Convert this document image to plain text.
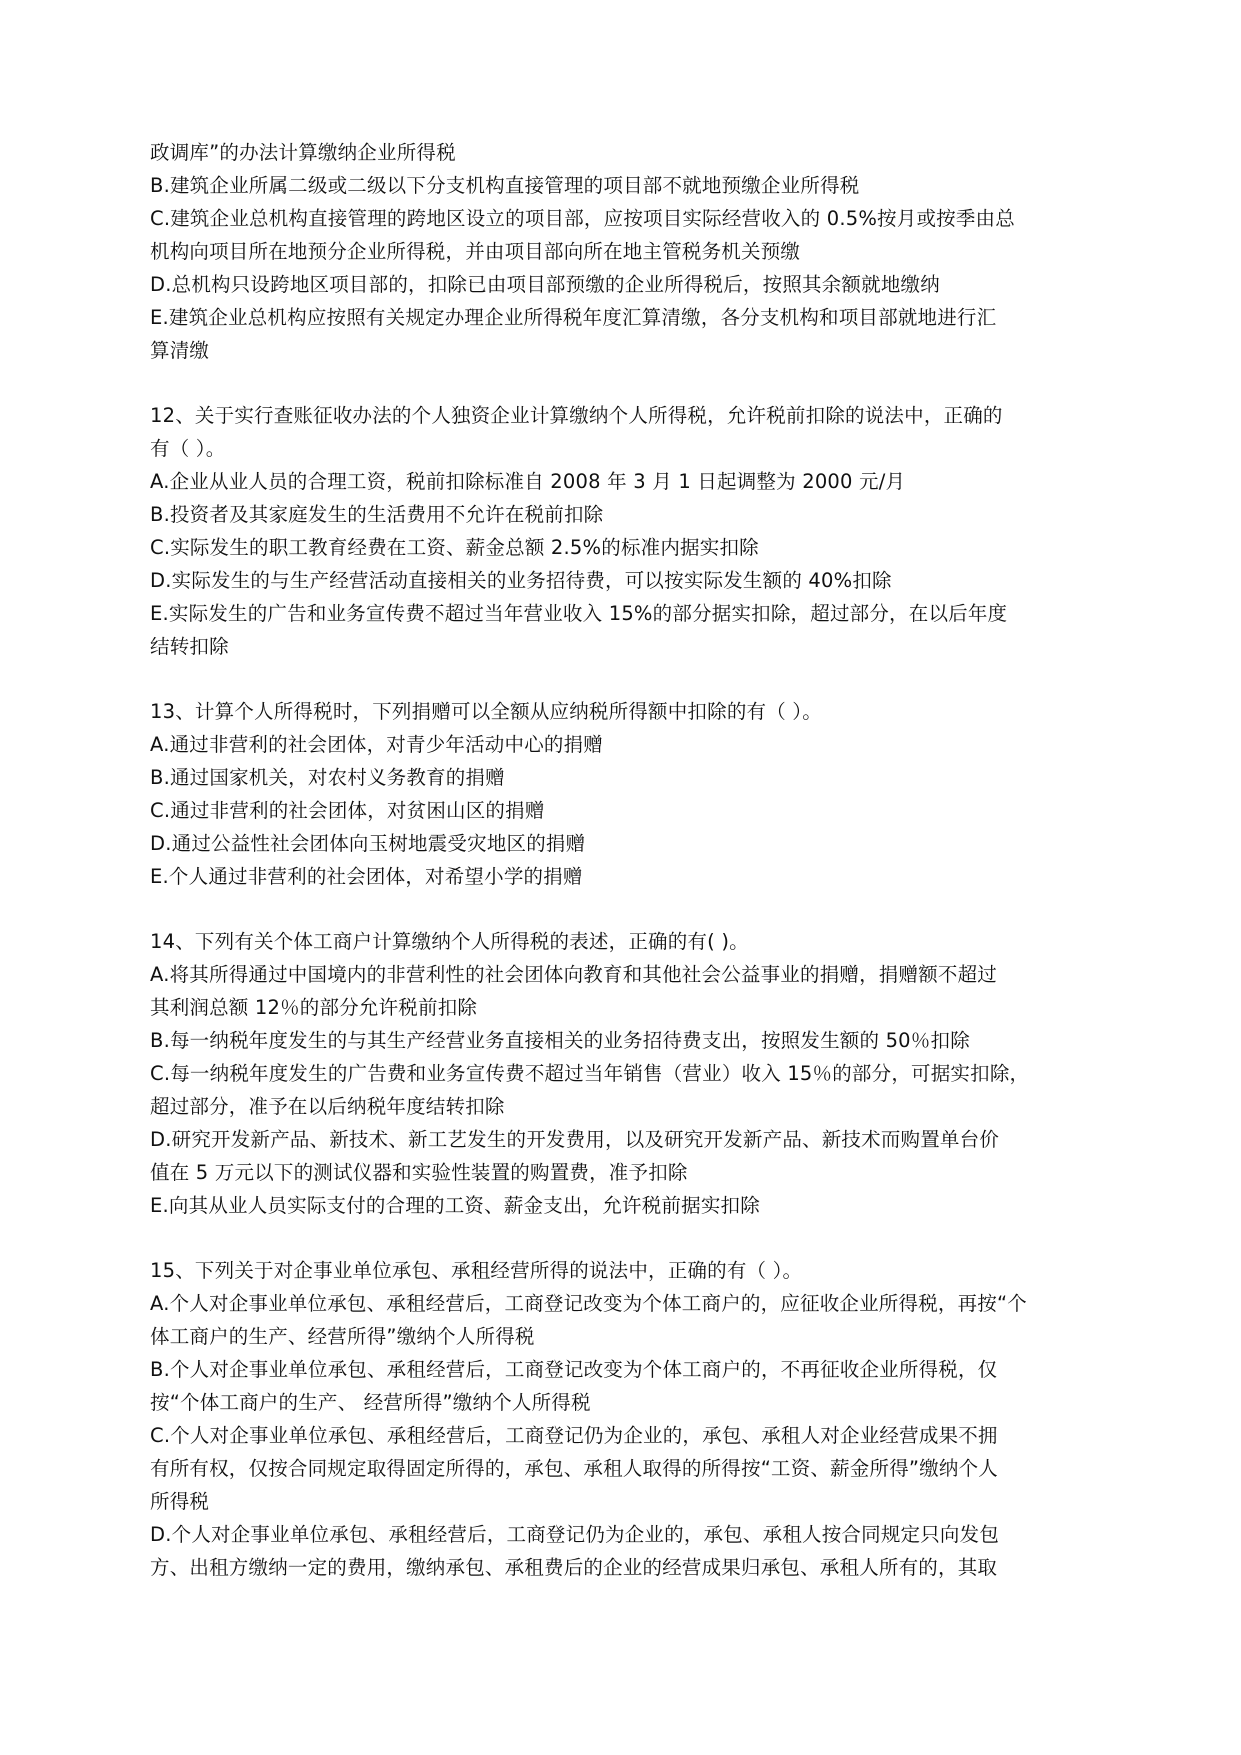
政调库”的办法计算缴纳企业所得税
B.建筑企业所属二级或二级以下分支机构直接管理的项目部不就地预缴企业所得税
C.建筑企业总机构直接管理的跨地区设立的项目部，应按项目实际经营收入的 0.5%按月或按季由总
机构向项目所在地预分企业所得税，并由项目部向所在地主管税务机关预缴
D.总机构只设跨地区项目部的，扣除已由项目部预缴的企业所得税后，按照其余额就地缴纳
E.建筑企业总机构应按照有关规定办理企业所得税年度汇算清缴，各分支机构和项目部就地进行汇
算清缴
12、关于实行查账征收办法的个人独资企业计算缴纳个人所得税，允许税前扣除的说法中，正确的
有（ ）。
A.企业从业人员的合理工资，税前扣除标准自 2008 年 3 月 1 日起调整为 2000 元/月
B.投资者及其家庭发生的生活费用不允许在税前扣除
C.实际发生的职工教育经费在工资、薪金总额 2.5%的标准内据实扣除
D.实际发生的与生产经营活动直接相关的业务招待费，可以按实际发生额的 40%扣除
E.实际发生的广告和业务宣传费不超过当年营业收入 15%的部分据实扣除，超过部分，在以后年度
结转扣除
13、计算个人所得税时，下列捐赠可以全额从应纳税所得额中扣除的有（ ）。
A.通过非营利的社会团体，对青少年活动中心的捐赠
B.通过国家机关，对农村义务教育的捐赠
C.通过非营利的社会团体，对贫困山区的捐赠
D.通过公益性社会团体向玉树地震受灾地区的捐赠
E.个人通过非营利的社会团体，对希望小学的捐赠
14、下列有关个体工商户计算缴纳个人所得税的表述，正确的有( )。
A.将其所得通过中国境内的非营利性的社会团体向教育和其他社会公益事业的捐赠，捐赠额不超过
其利润总额 12％的部分允许税前扣除
B.每一纳税年度发生的与其生产经营业务直接相关的业务招待费支出，按照发生额的 50％扣除
C.每一纳税年度发生的广告费和业务宣传费不超过当年销售（营业）收入 15％的部分，可据实扣除，
超过部分，准予在以后纳税年度结转扣除
D.研究开发新产品、新技术、新工艺发生的开发费用，以及研究开发新产品、新技术而购置单台价
值在 5 万元以下的测试仪器和实验性装置的购置费，准予扣除
E.向其从业人员实际支付的合理的工资、薪金支出，允许税前据实扣除
15、下列关于对企事业单位承包、承租经营所得的说法中，正确的有（ ）。
A.个人对企事业单位承包、承租经营后，工商登记改变为个体工商户的，应征收企业所得税，再按“个
体工商户的生产、经营所得”缴纳个人所得税
B.个人对企事业单位承包、承租经营后，工商登记改变为个体工商户的，不再征收企业所得税，仅
按“个体工商户的生产、 经营所得”缴纳个人所得税
C.个人对企事业单位承包、承租经营后，工商登记仍为企业的，承包、承租人对企业经营成果不拥
有所有权，仅按合同规定取得固定所得的，承包、承租人取得的所得按“工资、薪金所得”缴纳个人
所得税
D.个人对企事业单位承包、承租经营后，工商登记仍为企业的，承包、承租人按合同规定只向发包
方、出租方缴纳一定的费用，缴纳承包、承租费后的企业的经营成果归承包、承租人所有的，其取
